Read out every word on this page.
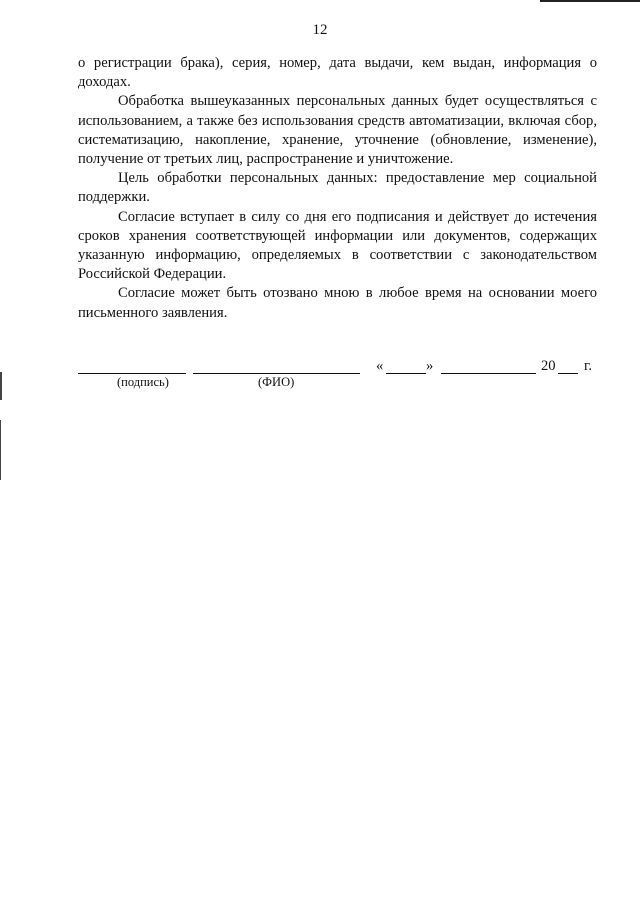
12

о регистрации брака), серия, номер, дата выдачи, кем выдан, информация о доходах.

Обработка вышеуказанных персональных данных будет осуществляться с использованием, а также без использования средств автоматизации, включая сбор, систематизацию, накопление, хранение, уточнение (обновление, изменение), получение от третьих лиц, распространение и уничтожение.

Цель обработки персональных данных: предоставление мер социальной поддержки.

Согласие вступает в силу со дня его подписания и действует до истечения сроков хранения соответствующей информации или документов, содержащих указанную информацию, определяемых в соответствии с законодательством Российской Федерации.

Согласие может быть отозвано мною в любое время на основании моего письменного заявления.

«	»	20 г.
(подпись)	(ФИО)
